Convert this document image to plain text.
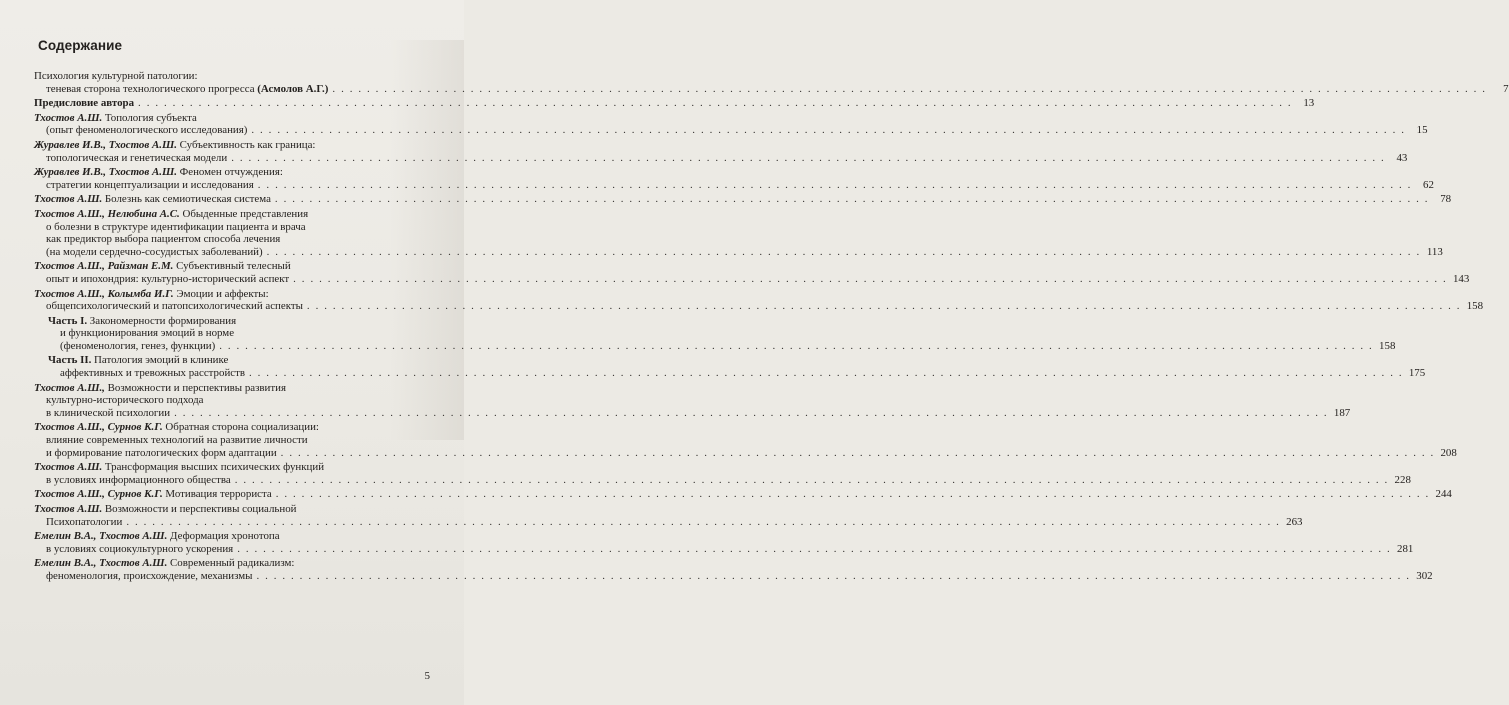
Содержание
Психология культурной патологии:
теневая сторона технологического прогресса (Асмолов А.Г.) . . .	7
Предисловие автора . . .	13
Тхостов А.Ш. Топология субъекта
(опыт феноменологического исследования) . . .	15
Журавлев И.В., Тхостов А.Ш. Субъективность как граница:
топологическая и генетическая модели . . .	43
Журавлев И.В., Тхостов А.Ш. Феномен отчуждения:
стратегии концептуализации и исследования . . .	62
Тхостов А.Ш. Болезнь как семиотическая система . . .	78
Тхостов А.Ш., Нелюбина А.С. Обыденные представления
о болезни в структуре идентификации пациента и врача
как предиктор выбора пациентом способа лечения
(на модели сердечно-сосудистых заболеваний) . . .	113
Тхостов А.Ш., Райзман Е.М. Субъективный телесный
опыт и ипохондрия: культурно-исторический аспект . . .	143
Тхостов А.Ш., Колымба И.Г. Эмоции и аффекты:
общепсихологический и патопсихологический аспекты . . .	158
Часть I. Закономерности формирования
и функционирования эмоций в норме
(феноменология, генез, функции) . . .	158
Часть II. Патология эмоций в клинике
аффективных и тревожных расстройств . . .	175
Тхостов А.Ш., Возможности и перспективы развития
культурно-исторического подхода
в клинической психологии . . .	187
Тхостов А.Ш., Сурнов К.Г. Обратная сторона социализации:
влияние современных технологий на развитие личности
и формирование патологических форм адаптации . . .	208
Тхостов А.Ш. Трансформация высших психических функций
в условиях информационного общества . . .	228
Тхостов А.Ш., Сурнов К.Г. Мотивация террориста . . .	244
Тхостов А.Ш. Возможности и перспективы социальной
Психопатологии . . .	263
Емелин В.А., Тхостов А.Ш. Деформация хронотопа
в условиях социокультурного ускорения . . .	281
Емелин В.А., Тхостов А.Ш. Современный радикализм:
феноменология, происхождение, механизмы . . .	302
5
